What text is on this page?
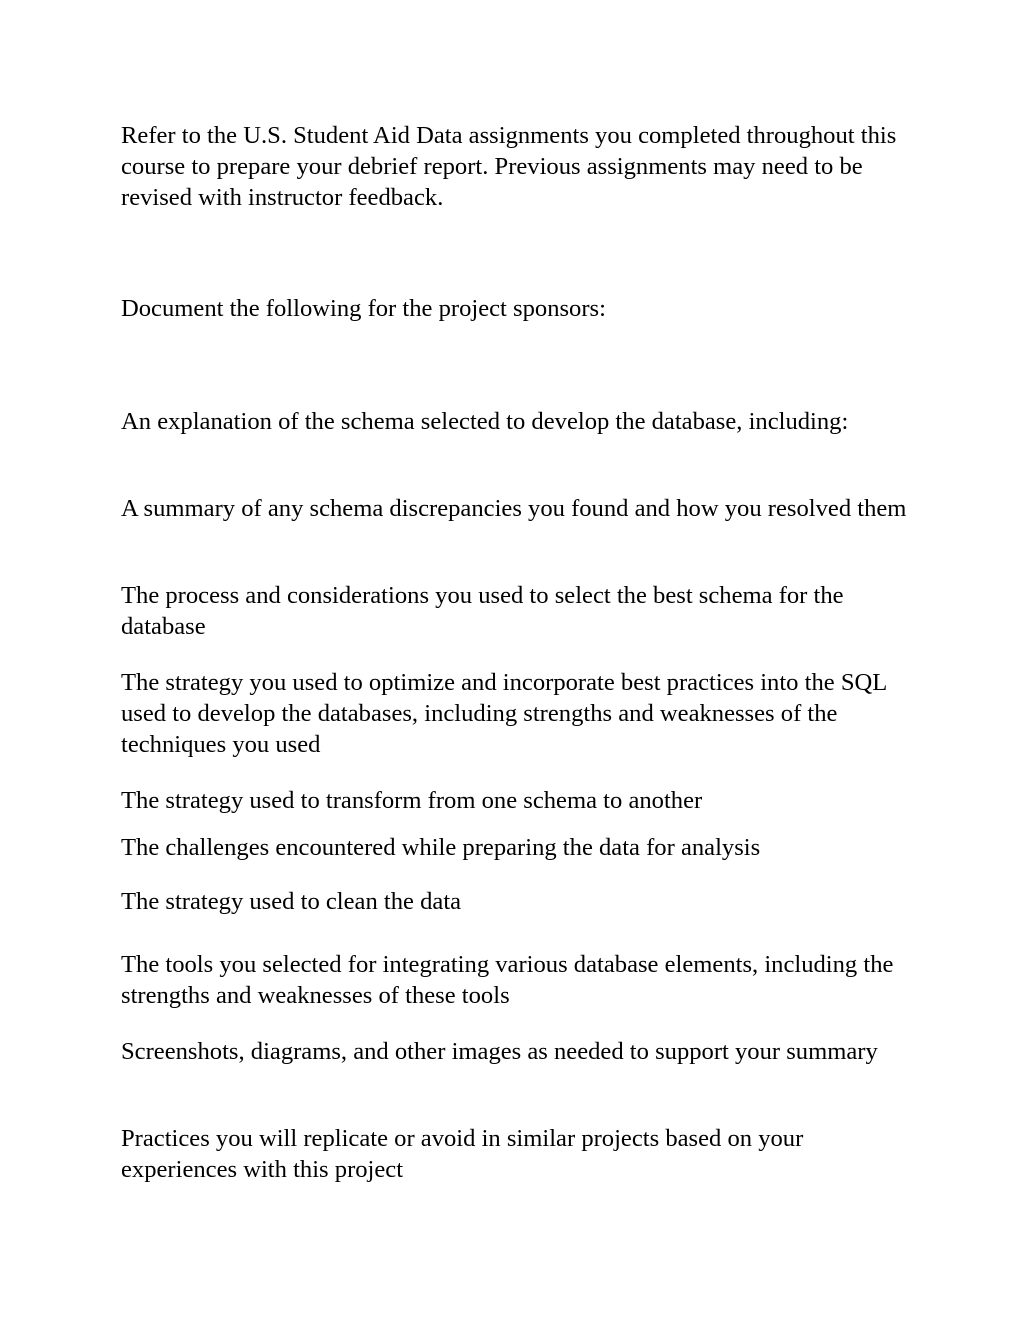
Refer to the U.S. Student Aid Data assignments you completed throughout this course to prepare your debrief report. Previous assignments may need to be revised with instructor feedback.

Document the following for the project sponsors:

An explanation of the schema selected to develop the database, including:

A summary of any schema discrepancies you found and how you resolved them

The process and considerations you used to select the best schema for the database

The strategy you used to optimize and incorporate best practices into the SQL used to develop the databases, including strengths and weaknesses of the techniques you used

The strategy used to transform from one schema to another

The challenges encountered while preparing the data for analysis

The strategy used to clean the data

The tools you selected for integrating various database elements, including the strengths and weaknesses of these tools

Screenshots, diagrams, and other images as needed to support your summary

Practices you will replicate or avoid in similar projects based on your experiences with this project
